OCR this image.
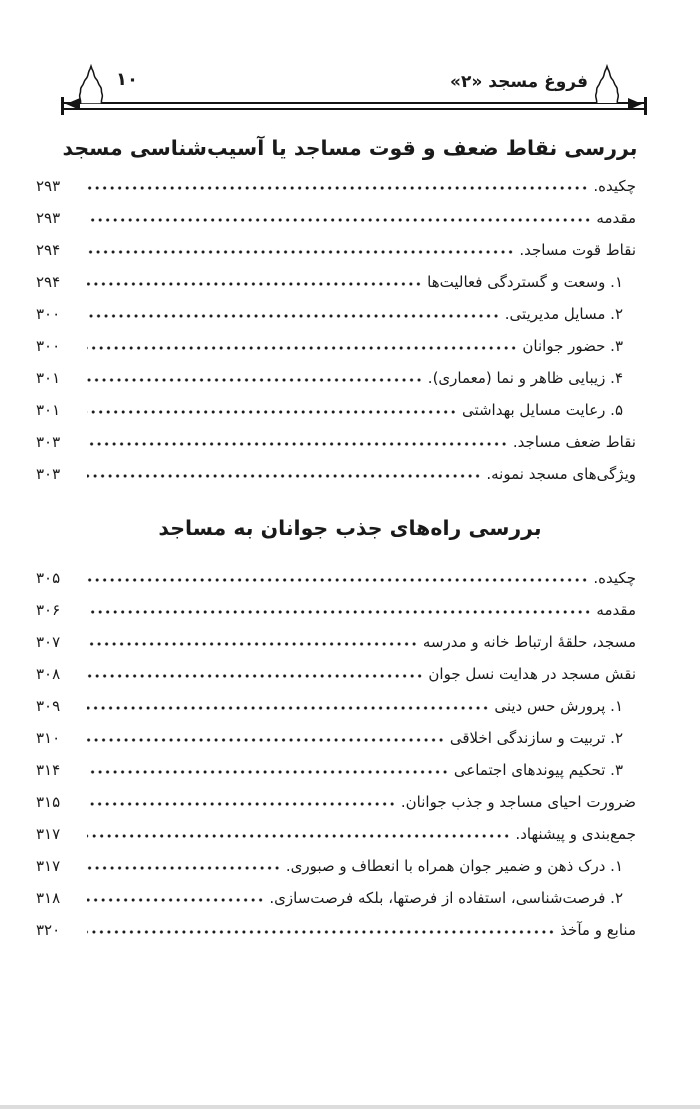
فروغ مسجد «۲»
۱۰
بررسی نقاط ضعف و قوت مساجد یا آسیب‌شناسی مسجد
چکیده.
۲۹۳
مقدمه
۲۹۳
نقاط قوت مساجد.
۲۹۴
۱. وسعت و گستردگی فعالیت‌ها
۲۹۴
۲. مسایل مدیریتی.
۳۰۰
۳. حضور جوانان
۳۰۰
۴. زیبایی ظاهر و نما (معماری).
۳۰۱
۵. رعایت مسایل بهداشتی
۳۰۱
نقاط ضعف مساجد.
۳۰۳
ویژگی‌های مسجد نمونه.
۳۰۳
بررسی راه‌های جذب جوانان به مساجد
چکیده.
۳۰۵
مقدمه
۳۰۶
مسجد، حلقهٔ ارتباط خانه و مدرسه
۳۰۷
نقش مسجد در هدایت نسل جوان
۳۰۸
۱. پرورش حس دینی
۳۰۹
۲. تربیت و سازندگی اخلاقی
۳۱۰
۳. تحکیم پیوندهای اجتماعی
۳۱۴
ضرورت احیای مساجد و جذب جوانان.
۳۱۵
جمع‌بندی و پیشنهاد.
۳۱۷
۱. درک ذهن و ضمیر جوان همراه با انعطاف و صبوری.
۳۱۷
۲. فرصت‌شناسی، استفاده از فرصتها، بلکه فرصت‌سازی.
۳۱۸
منابع و مآخذ
۳۲۰
